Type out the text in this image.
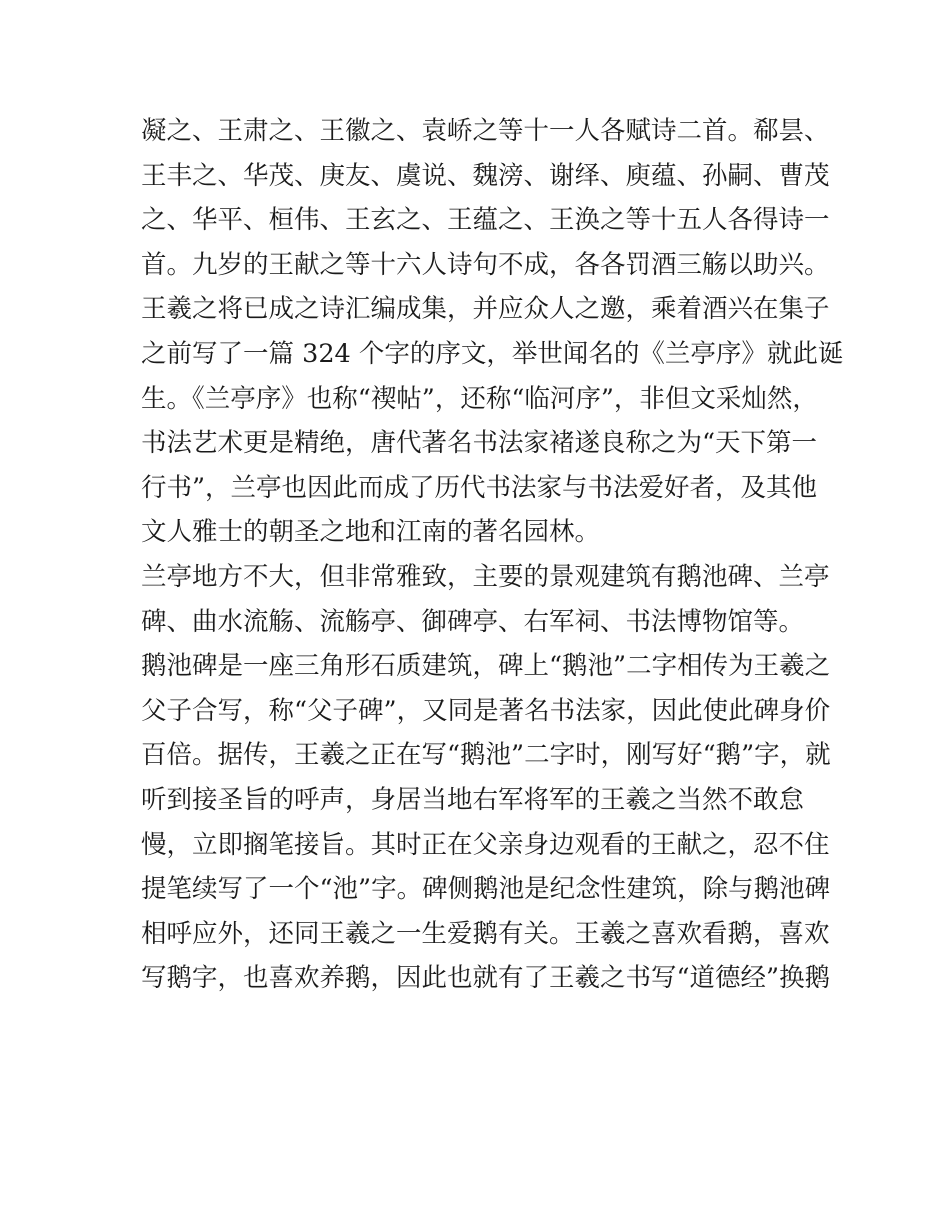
凝之、王肃之、王徽之、袁峤之等十一人各赋诗二首。郗昙、
王丰之、华茂、庚友、虞说、魏滂、谢绎、庾蕴、孙嗣、曹茂
之、华平、桓伟、王玄之、王蕴之、王涣之等十五人各得诗一
首。九岁的王献之等十六人诗句不成，各各罚酒三觞以助兴。
王羲之将已成之诗汇编成集，并应众人之邀，乘着酒兴在集子
之前写了一篇 324 个字的序文，举世闻名的《兰亭序》就此诞
生。《兰亭序》也称“禊帖”，还称“临河序”，非但文采灿然，
书法艺术更是精绝，唐代著名书法家褚遂良称之为“天下第一
行书”，兰亭也因此而成了历代书法家与书法爱好者，及其他
文人雅士的朝圣之地和江南的著名园林。
兰亭地方不大，但非常雅致，主要的景观建筑有鹅池碑、兰亭
碑、曲水流觞、流觞亭、御碑亭、右军祠、书法博物馆等。
鹅池碑是一座三角形石质建筑，碑上“鹅池”二字相传为王羲之
父子合写，称“父子碑”，又同是著名书法家，因此使此碑身价
百倍。据传，王羲之正在写“鹅池”二字时，刚写好“鹅”字，就
听到接圣旨的呼声，身居当地右军将军的王羲之当然不敢怠
慢，立即搁笔接旨。其时正在父亲身边观看的王献之，忍不住
提笔续写了一个“池”字。碑侧鹅池是纪念性建筑，除与鹅池碑
相呼应外，还同王羲之一生爱鹅有关。王羲之喜欢看鹅，喜欢
写鹅字，也喜欢养鹅，因此也就有了王羲之书写“道德经”换鹅
